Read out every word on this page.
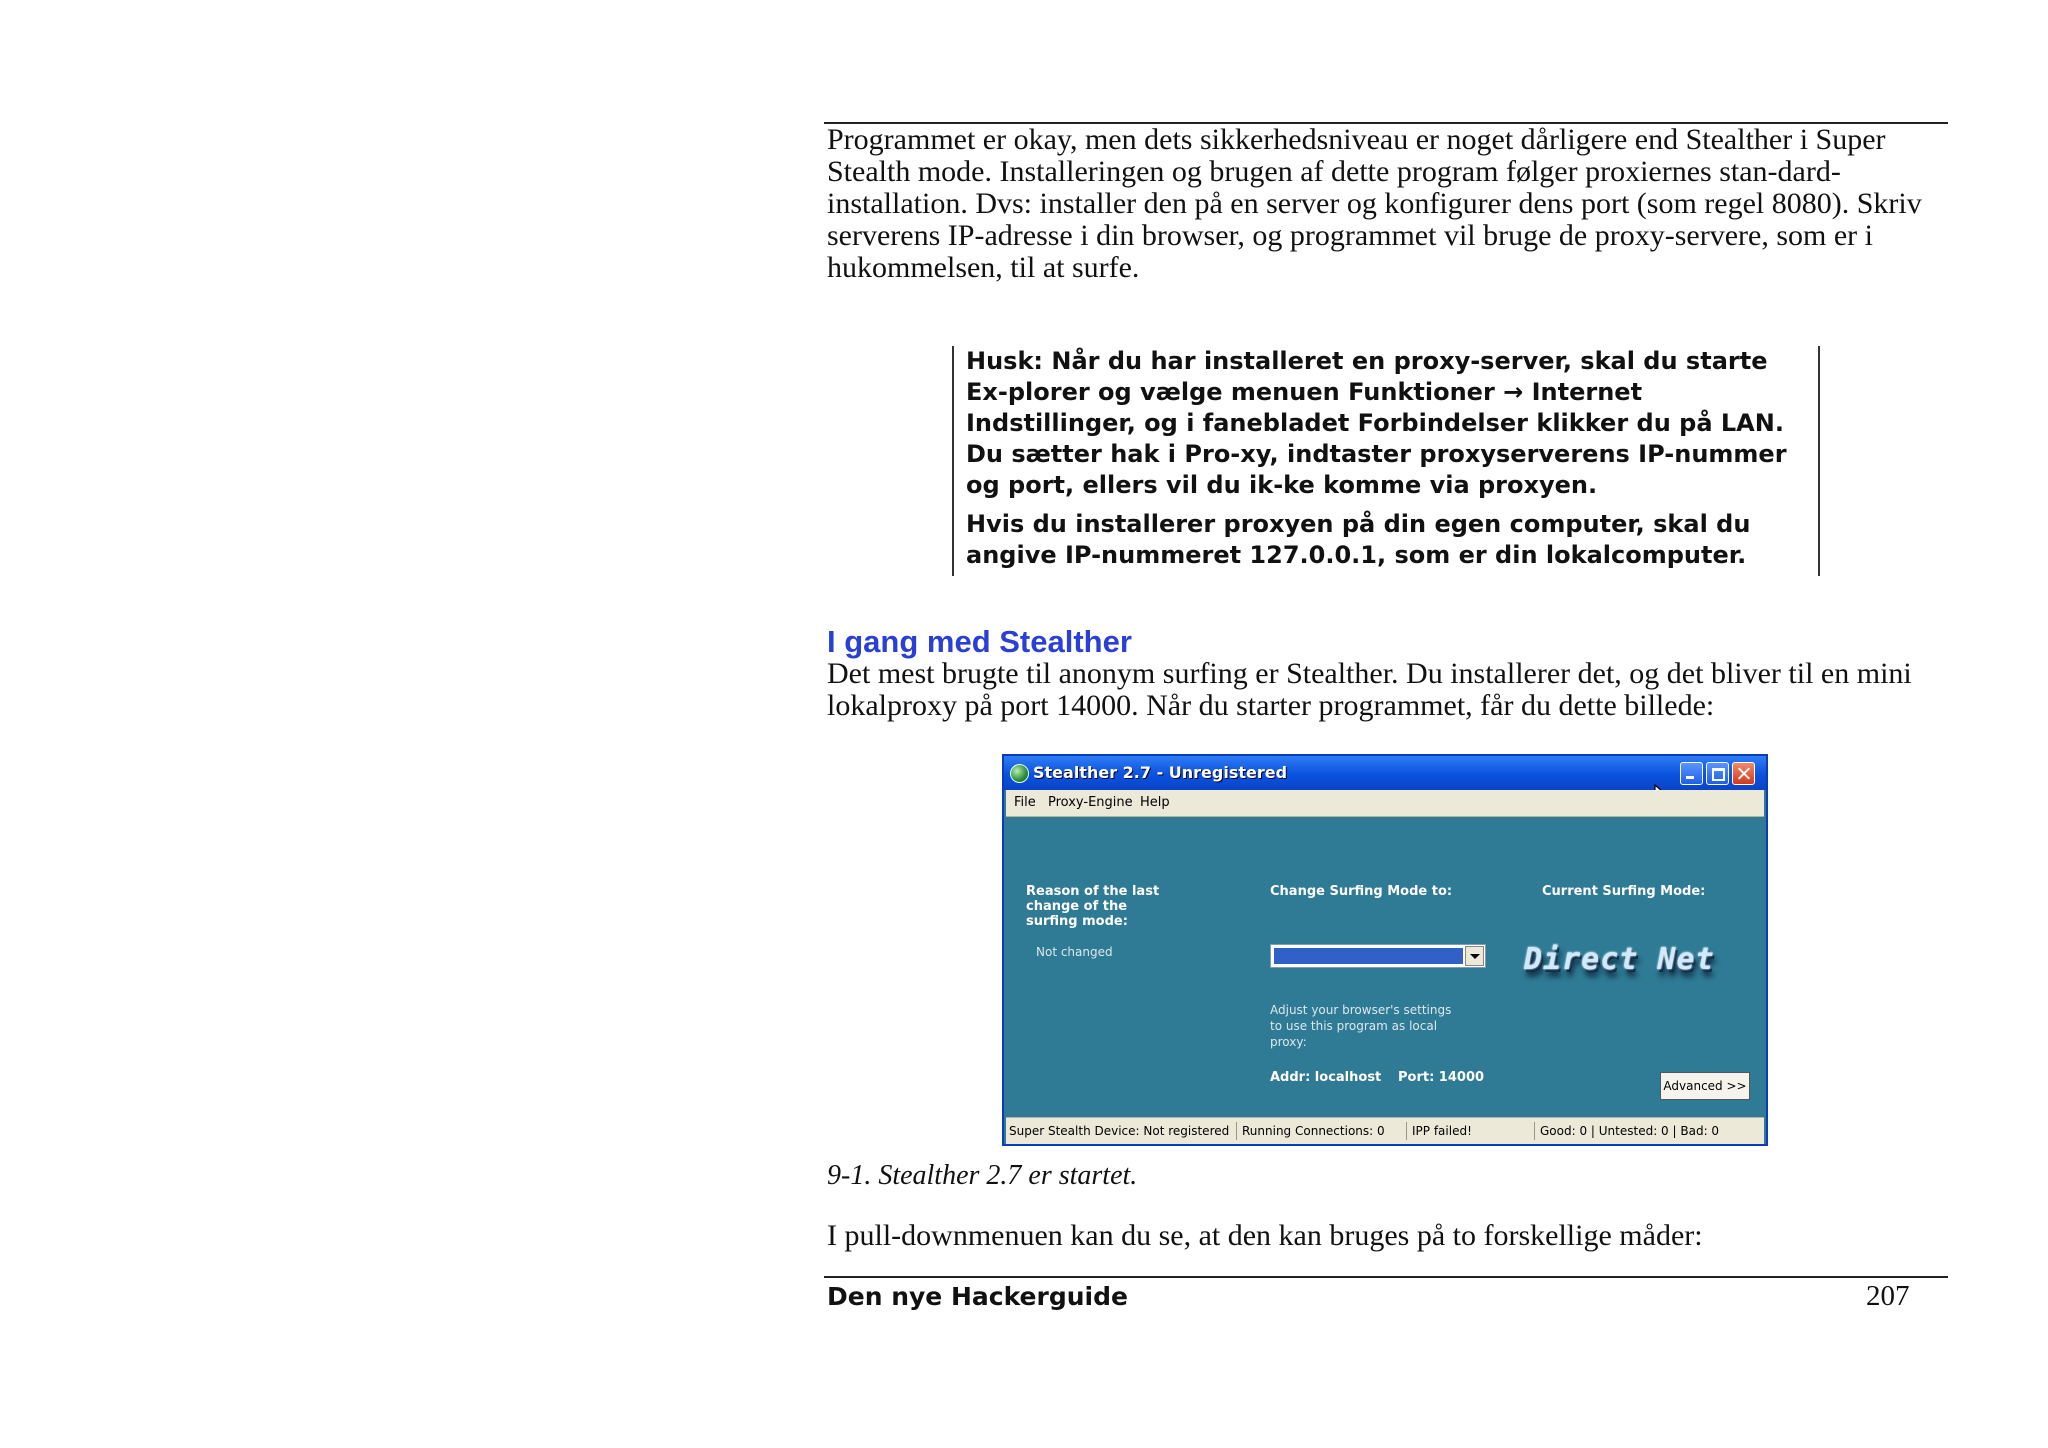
Programmet er okay, men dets sikkerhedsniveau er noget dårligere end Stealther i Super Stealth mode. Installeringen og brugen af dette program følger proxiernes stan-dard-installation. Dvs: installer den på en server og konfigurer dens port (som regel 8080). Skriv serverens IP-adresse i din browser, og programmet vil bruge de proxy-servere, som er i hukommelsen, til at surfe.

Husk: Når du har installeret en proxy-server, skal du starte Ex-plorer og vælge menuen Funktioner → Internet Indstillinger, og i fanebladet Forbindelser klikker du på LAN. Du sætter hak i Pro-xy, indtaster proxyserverens IP-nummer og port, ellers vil du ik-ke komme via proxyen.

Hvis du installerer proxyen på din egen computer, skal du angive IP-nummeret 127.0.0.1, som er din lokalcomputer.

I gang med Stealther

Det mest brugte til anonym surfing er Stealther. Du installerer det, og det bliver til en mini lokalproxy på port 14000. Når du starter programmet, får du dette billede:

Stealther 2.7 - Unregistered
File Proxy-Engine Help
Reason of the last change of the surfing mode:
Not changed
Change Surfing Mode to:	Current Surfing Mode:
Direct Net
Adjust your browser's settings to use this program as local proxy:
Addr: localhost Port: 14000
Advanced >>
Super Stealth Device: Not registered Running Connections: 0 IPP failed!	Good: 0 | Untested: 0 | Bad: 0

9-1. Stealther 2.7 er startet.

I pull-downmenuen kan du se, at den kan bruges på to forskellige måder:

Den nye Hackerguide	207
